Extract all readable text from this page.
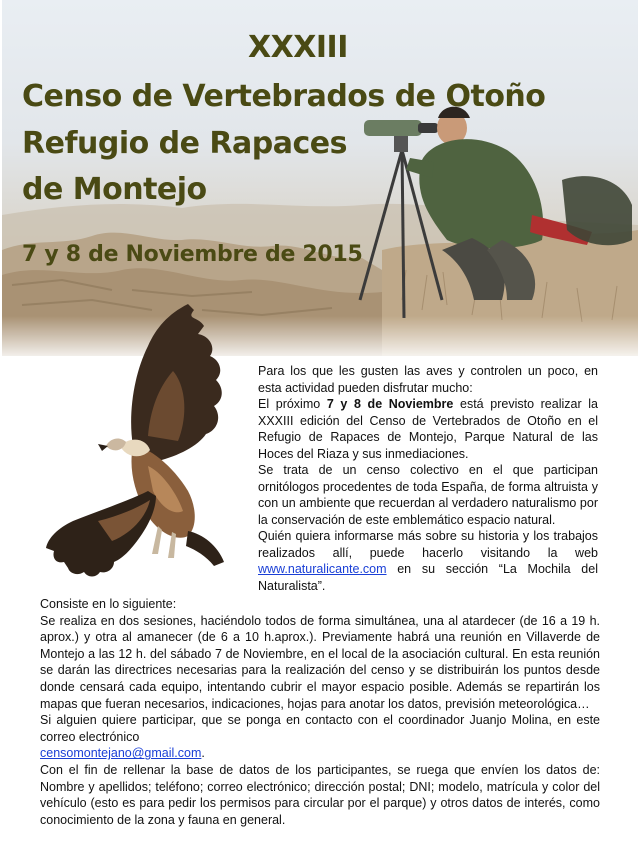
XXXIII
Censo de Vertebrados de Otoño
Refugio de Rapaces
de Montejo
7 y 8 de Noviembre de 2015

Para los que les gusten las aves y controlen un poco, en esta actividad pueden disfrutar mucho:

El próximo 7 y 8 de Noviembre está previsto realizar la XXXIII edición del Censo de Vertebrados de Otoño en el Refugio de Rapaces de Montejo, Parque Natural de las Hoces del Riaza y sus inmediaciones.

Se trata de un censo colectivo en el que participan ornitólogos procedentes de toda España, de forma altruista y con un ambiente que recuerdan al verdadero naturalismo por la conservación de este emblemático espacio natural.

Quién quiera informarse más sobre su historia y los trabajos realizados allí, puede hacerlo visitando la web www.naturalicante.com en su sección “La Mochila del Naturalista”.

Consiste en lo siguiente:

Se realiza en dos sesiones, haciéndolo todos de forma simultánea, una al atardecer (de 16 a 19 h. aprox.) y otra al amanecer (de 6 a 10 h.aprox.). Previamente habrá una reunión en Villaverde de Montejo a las 12 h. del sábado 7 de Noviembre, en el local de la asociación cultural. En esta reunión se darán las directrices necesarias para la realización del censo y se distribuirán los puntos desde donde censará cada equipo, intentando cubrir el mayor espacio posible. Además se repartirán los mapas que fueran necesarios, indicaciones, hojas para anotar los datos, previsión meteorológica…

Si alguien quiere participar, que se ponga en contacto con el coordinador Juanjo Molina, en este correo electrónico

censomontejano@gmail.com.

Con el fin de rellenar la base de datos de los participantes, se ruega que envíen los datos de: Nombre y apellidos; teléfono; correo electrónico; dirección postal; DNI; modelo, matrícula y color del vehículo (esto es para pedir los permisos para circular por el parque) y otros datos de interés, como conocimiento de la zona y fauna en general.
